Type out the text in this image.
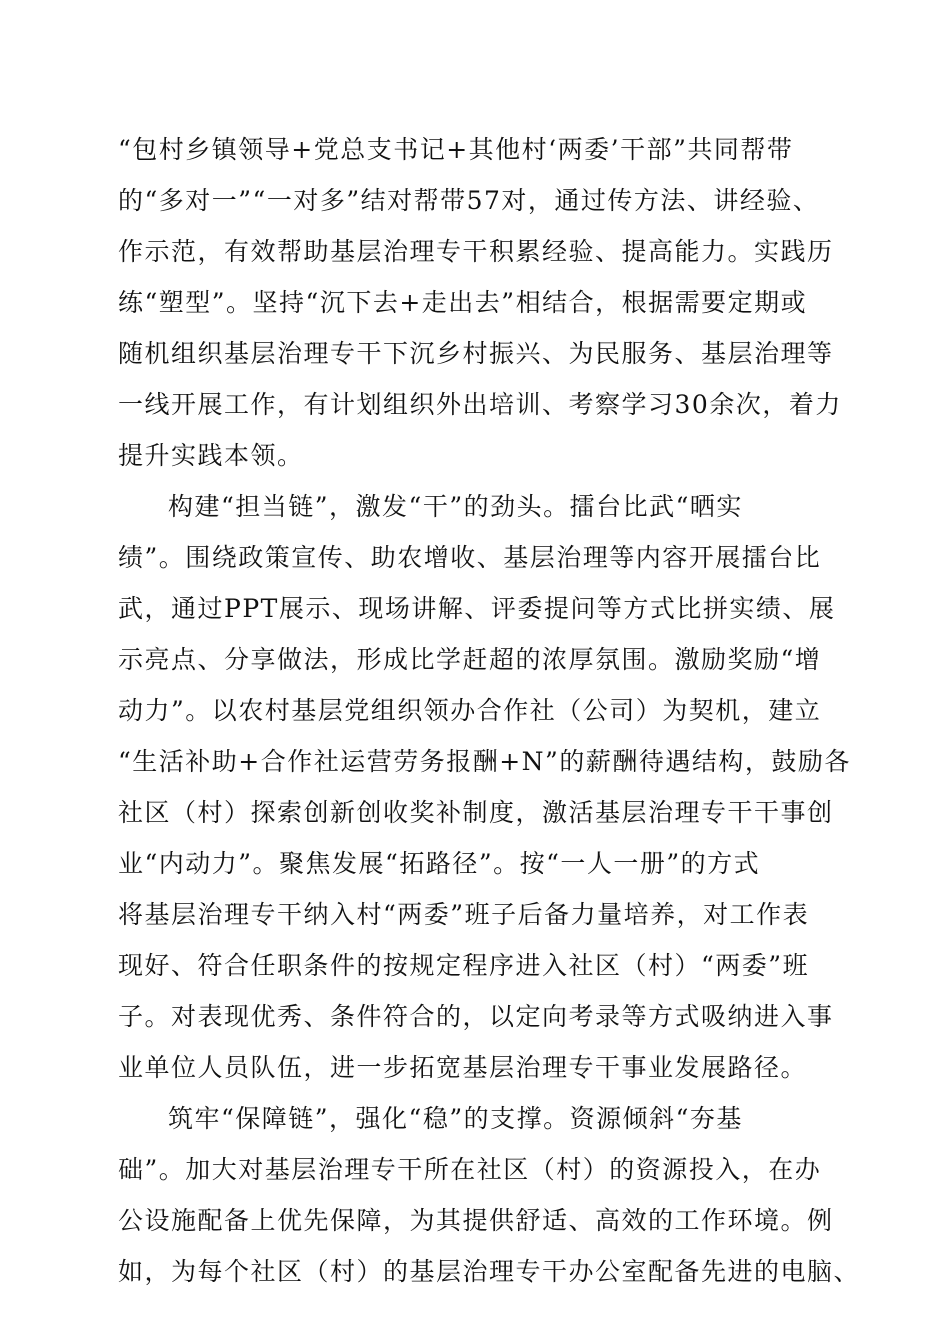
“包村乡镇领导+党总支书记+其他村‘两委’干部”共同帮带
的“多对一”“一对多”结对帮带57对，通过传方法、讲经验、
作示范，有效帮助基层治理专干积累经验、提高能力。实践历
练“塑型”。坚持“沉下去+走出去”相结合，根据需要定期或
随机组织基层治理专干下沉乡村振兴、为民服务、基层治理等
一线开展工作，有计划组织外出培训、考察学习30余次，着力
提升实践本领。
构建“担当链”，激发“干”的劲头。擂台比武“晒实
绩”。围绕政策宣传、助农增收、基层治理等内容开展擂台比
武，通过PPT展示、现场讲解、评委提问等方式比拼实绩、展
示亮点、分享做法，形成比学赶超的浓厚氛围。激励奖励“增
动力”。以农村基层党组织领办合作社（公司）为契机，建立
“生活补助+合作社运营劳务报酬+N”的薪酬待遇结构，鼓励各
社区（村）探索创新创收奖补制度，激活基层治理专干干事创
业“内动力”。聚焦发展“拓路径”。按“一人一册”的方式
将基层治理专干纳入村“两委”班子后备力量培养，对工作表
现好、符合任职条件的按规定程序进入社区（村）“两委”班
子。对表现优秀、条件符合的，以定向考录等方式吸纳进入事
业单位人员队伍，进一步拓宽基层治理专干事业发展路径。
筑牢“保障链”，强化“稳”的支撑。资源倾斜“夯基
础”。加大对基层治理专干所在社区（村）的资源投入，在办
公设施配备上优先保障，为其提供舒适、高效的工作环境。例
如，为每个社区（村）的基层治理专干办公室配备先进的电脑、
